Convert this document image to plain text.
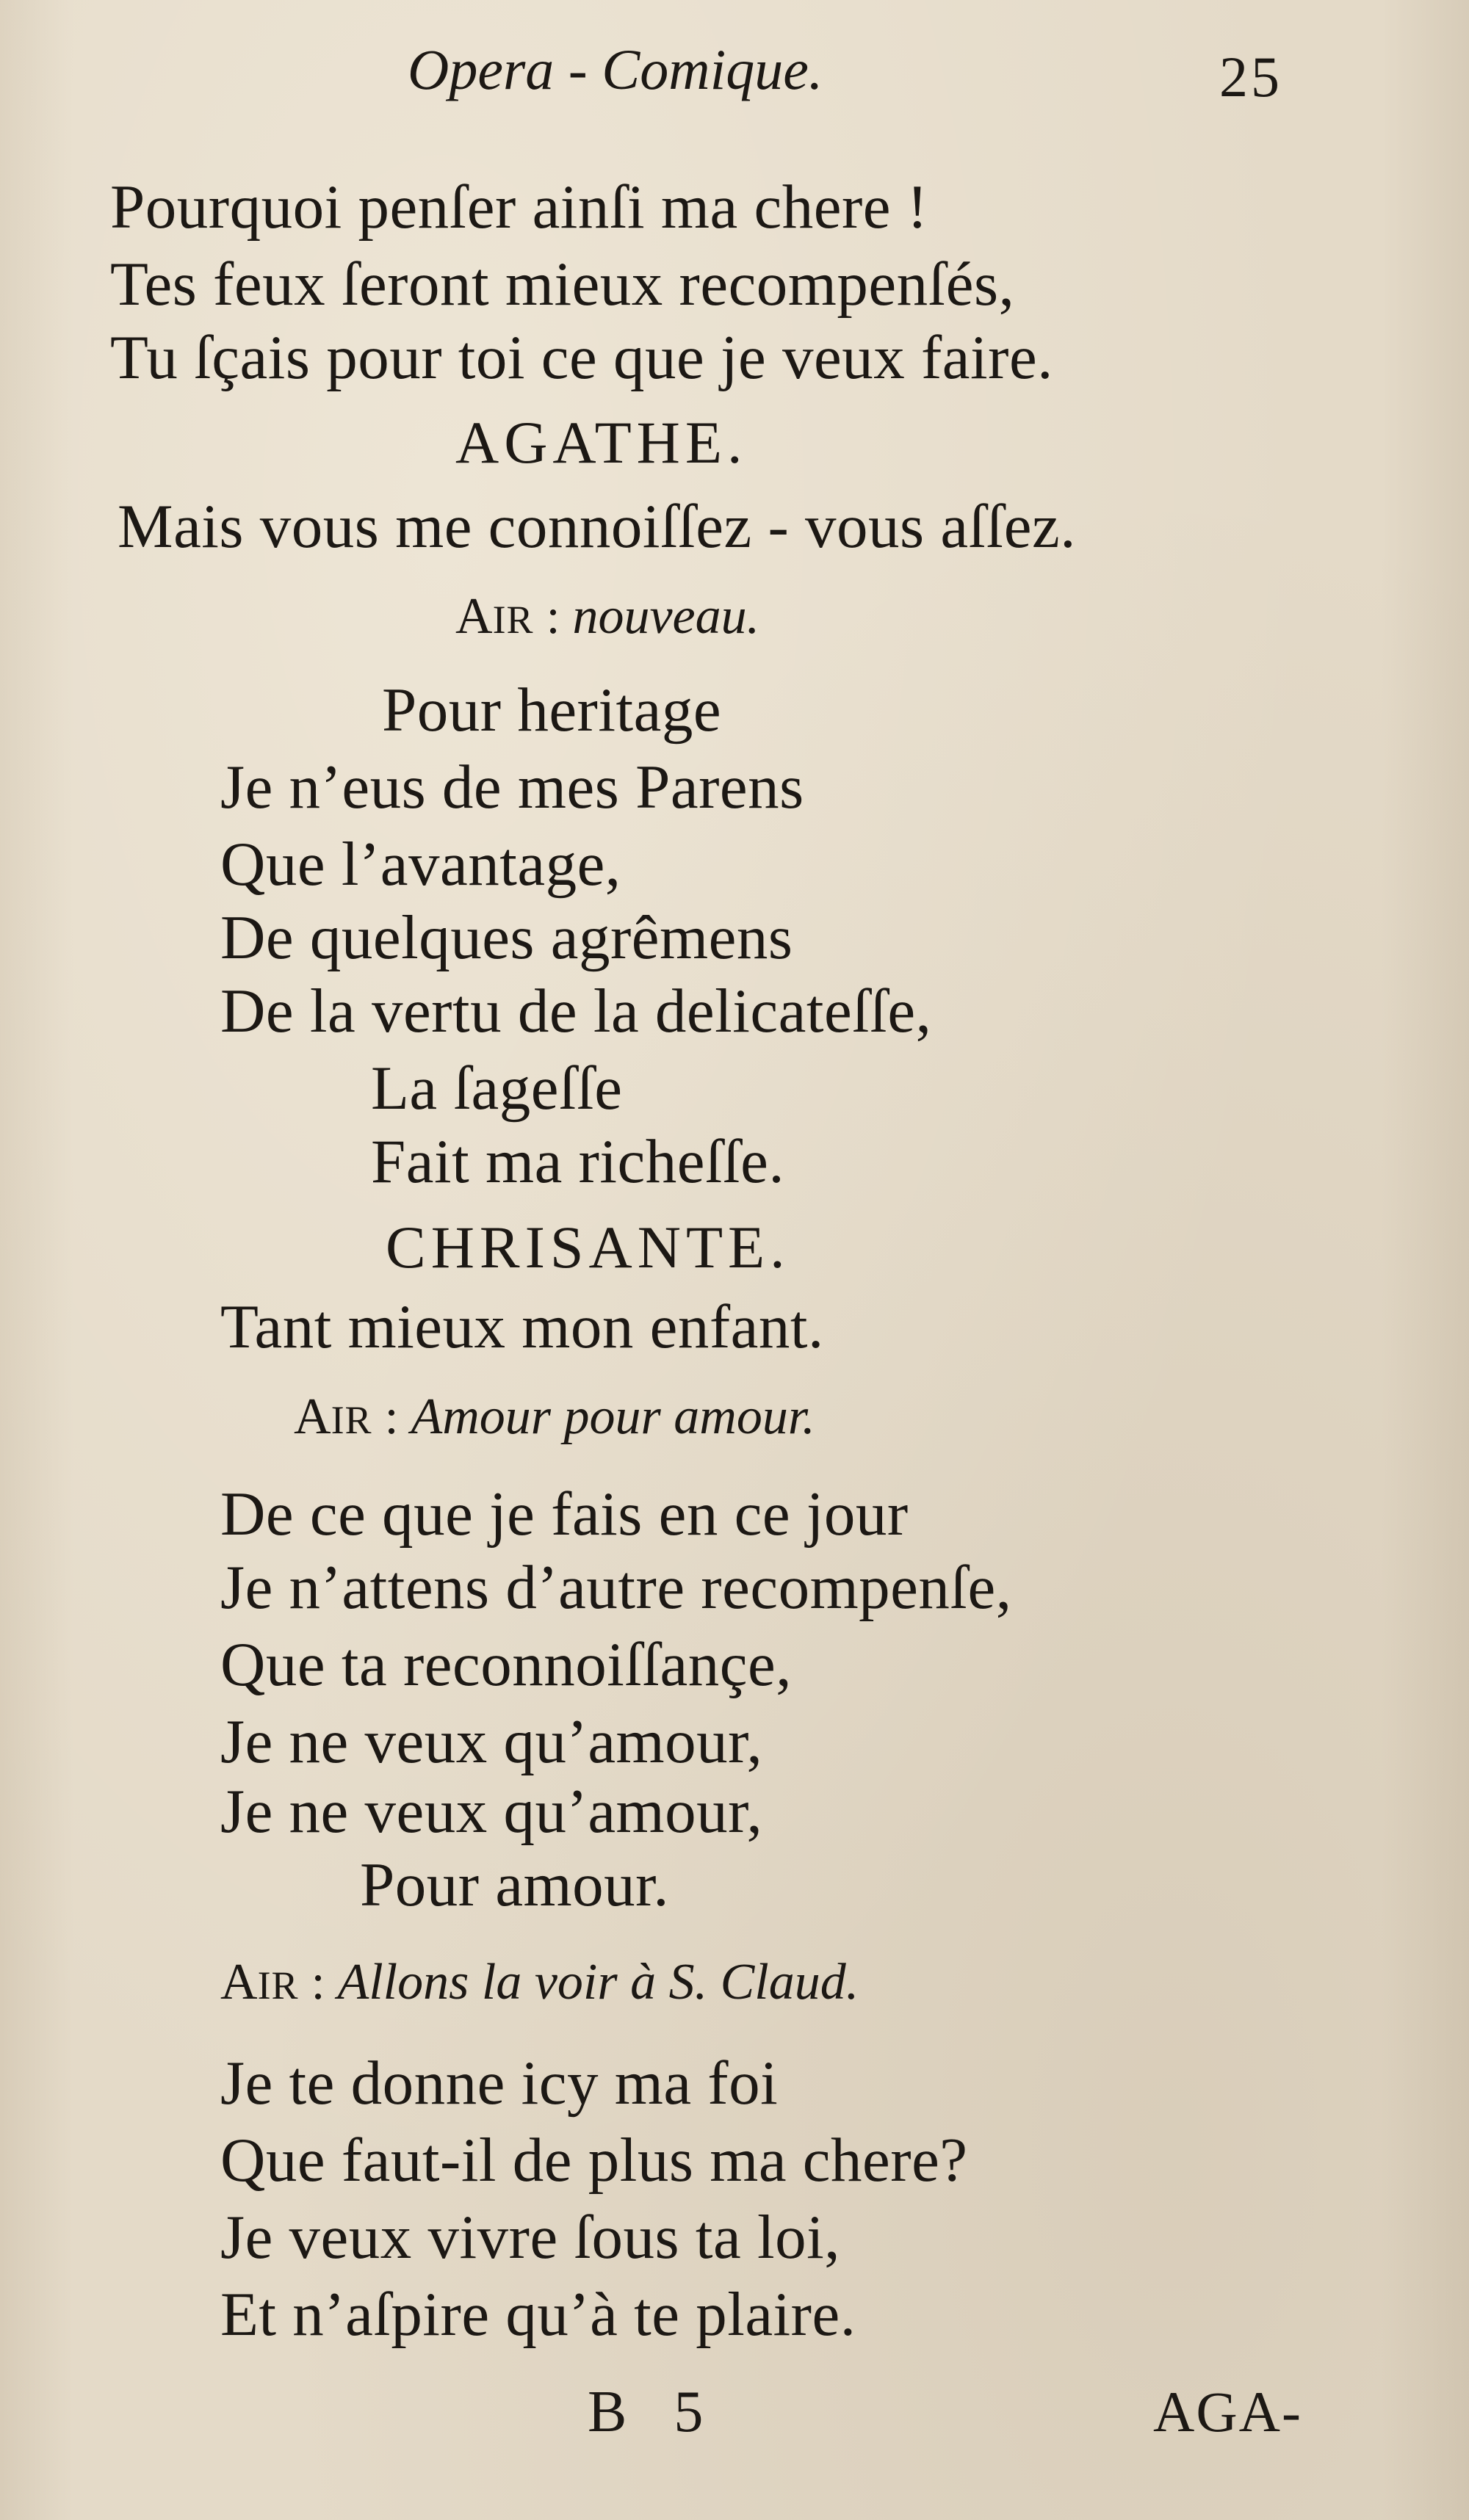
Opera - Comique.	25
Pourquoi penſer ainſi ma chere !
Tes feux ſeront mieux recompenſés,
Tu ſçais pour toi ce que je veux faire.
AGATHE.
Mais vous me connoiſſez - vous aſſez.
AIR : nouveau.
Pour heritage
Je n’eus de mes Parens
Que l’avantage,
De quelques agrêmens
De la vertu de la delicateſſe,
La ſageſſe
Fait ma richeſſe.
CHRISANTE.
Tant mieux mon enfant.
AIR : Amour pour amour.
De ce que je fais en ce jour
Je n’attens d’autre recompenſe,
Que ta reconnoiſſançe,
Je ne veux qu’amour,
Je ne veux qu’amour,
Pour amour.
AIR : Allons la voir à S. Claud.
Je te donne icy ma foi
Que faut-il de plus ma chere?
Je veux vivre ſous ta loi,
Et n’aſpire qu’à te plaire.
B 5	AGA-
